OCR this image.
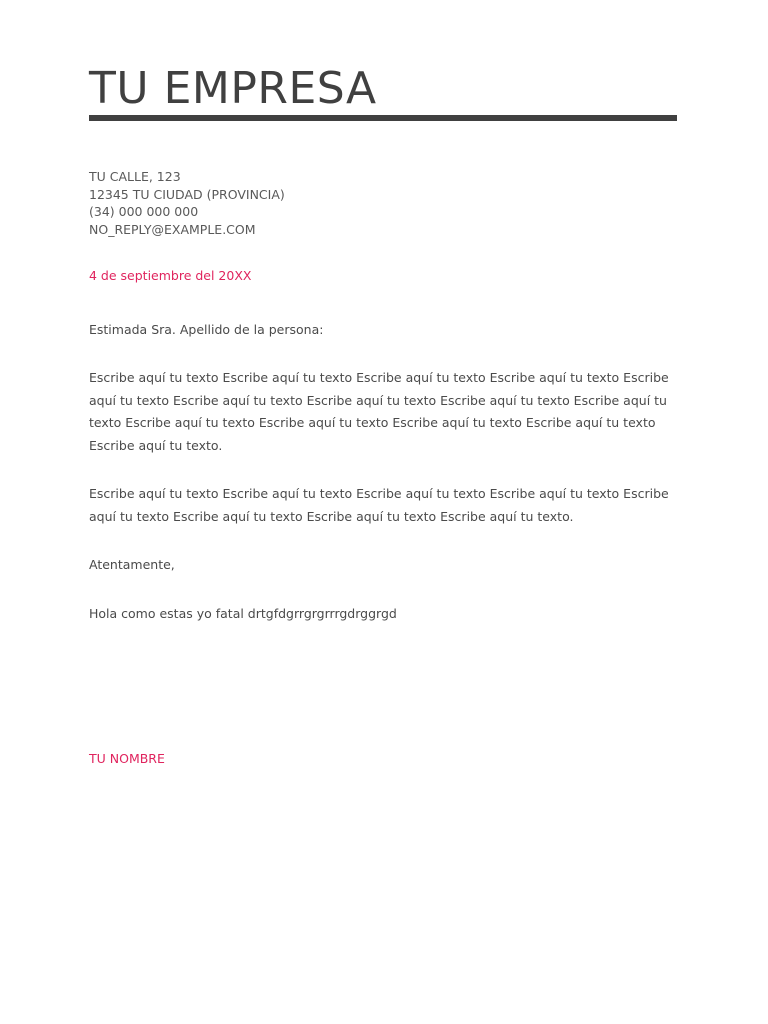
TU EMPRESA
TU CALLE, 123
12345 TU CIUDAD (PROVINCIA)
(34) 000 000 000
NO_REPLY@EXAMPLE.COM
4 de septiembre del 20XX
Estimada Sra. Apellido de la persona:
Escribe aquí tu texto Escribe aquí tu texto Escribe aquí tu texto Escribe aquí tu texto Escribe aquí tu texto Escribe aquí tu texto Escribe aquí tu texto Escribe aquí tu texto Escribe aquí tu texto Escribe aquí tu texto Escribe aquí tu texto Escribe aquí tu texto Escribe aquí tu texto Escribe aquí tu texto.
Escribe aquí tu texto Escribe aquí tu texto Escribe aquí tu texto Escribe aquí tu texto Escribe aquí tu texto Escribe aquí tu texto Escribe aquí tu texto Escribe aquí tu texto.
Atentamente,
Hola como estas yo fatal drtgfdgrrgrgrrrgdrggrgd
TU NOMBRE
